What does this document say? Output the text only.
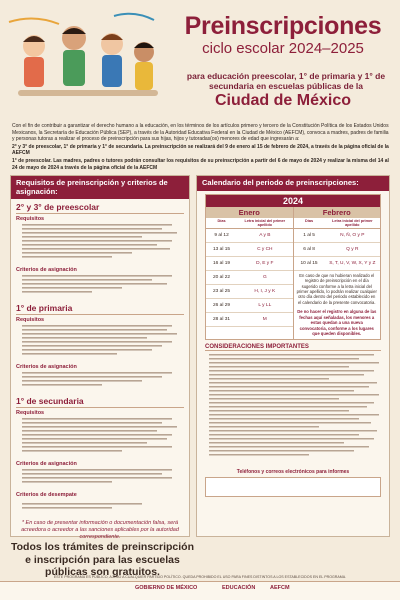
Preinscripciones
ciclo escolar 2024–2025
para educación preescolar, 1° de primaria y 1° de secundaria en escuelas públicas de la
Ciudad de México

Con el fin de contribuir a garantizar el derecho humano a la educación, en los términos de los artículos primero y tercero de la Constitución Política de los Estados Unidos Mexicanos, la Secretaría de Educación Pública (SEP), a través de la Autoridad Educativa Federal en la Ciudad de México (AEFCM), convoca a madres, padres de familia y personas tutoras a realizar el proceso de preinscripción para sus hijas, hijos y tutoradas(os) menores de edad que ingresarán a:

2° y 3° de preescolar, 1° de primaria y 1° de secundaria. La preinscripción se realizará del 9 de enero al 15 de febrero de 2024, a través de la página oficial de la AEFCM

1° de preescolar. Las madres, padres o tutores podrán consultar los requisitos de su preinscripción a partir del 6 de mayo de 2024 y realizar la misma del 14 al 24 de mayo de 2024 a través de la página oficial de la AEFCM

Requisitos de preinscripción y criterios de asignación:
2° y 3° de preescolar
Requisitos
Criterios de asignación
1° de primaria
Requisitos
Criterios de asignación
1° de secundaria
Requisitos
Criterios de asignación
Criterios de desempate
* En caso de presentar información o documentación falsa, será acreedora o acreedor a las sanciones aplicables por la autoridad correspondiente.
Calendario del periodo de preinscripciones:
2024
Enero
Días	Letra inicial del primer apellido
9 al 12	A y B
13 al 15	C y CH
16 al 19	D, E y F
20 al 22	G
23 al 25	H, I, J y K
26 al 29	L y LL
28 al 31	M
Febrero
Días	Letra inicial del primer apellido
1 al 5	N, Ñ, O y P
6 al 8	Q y R
10 al 15	S, T, U, V, W, X, Y y Z
En caso de que no hubieran realizado el registro de preinscripción en el día sugerido conforme a la letra inicial del primer apellido, lo podrán realizar cualquier otro día dentro del periodo establecido en el calendario de la presente convocatoria.
De no hacer el registro en alguna de las fechas aquí señaladas, los menores a estas quedan a una nueva convocatoria, conforme a los lugares que queden disponibles.
CONSIDERACIONES IMPORTANTES
Teléfonos y correos electrónicos para informes
Todos los trámites de preinscripción e inscripción para las escuelas públicas son gratuitos.
ESTE PROGRAMA ES PÚBLICO, AJENO A CUALQUIER PARTIDO POLÍTICO. QUEDA PROHIBIDO EL USO PARA FINES DISTINTOS A LOS ESTABLECIDOS EN EL PROGRAMA.
GOBIERNO DE MÉXICO	EDUCACIÓN	AEFCM
